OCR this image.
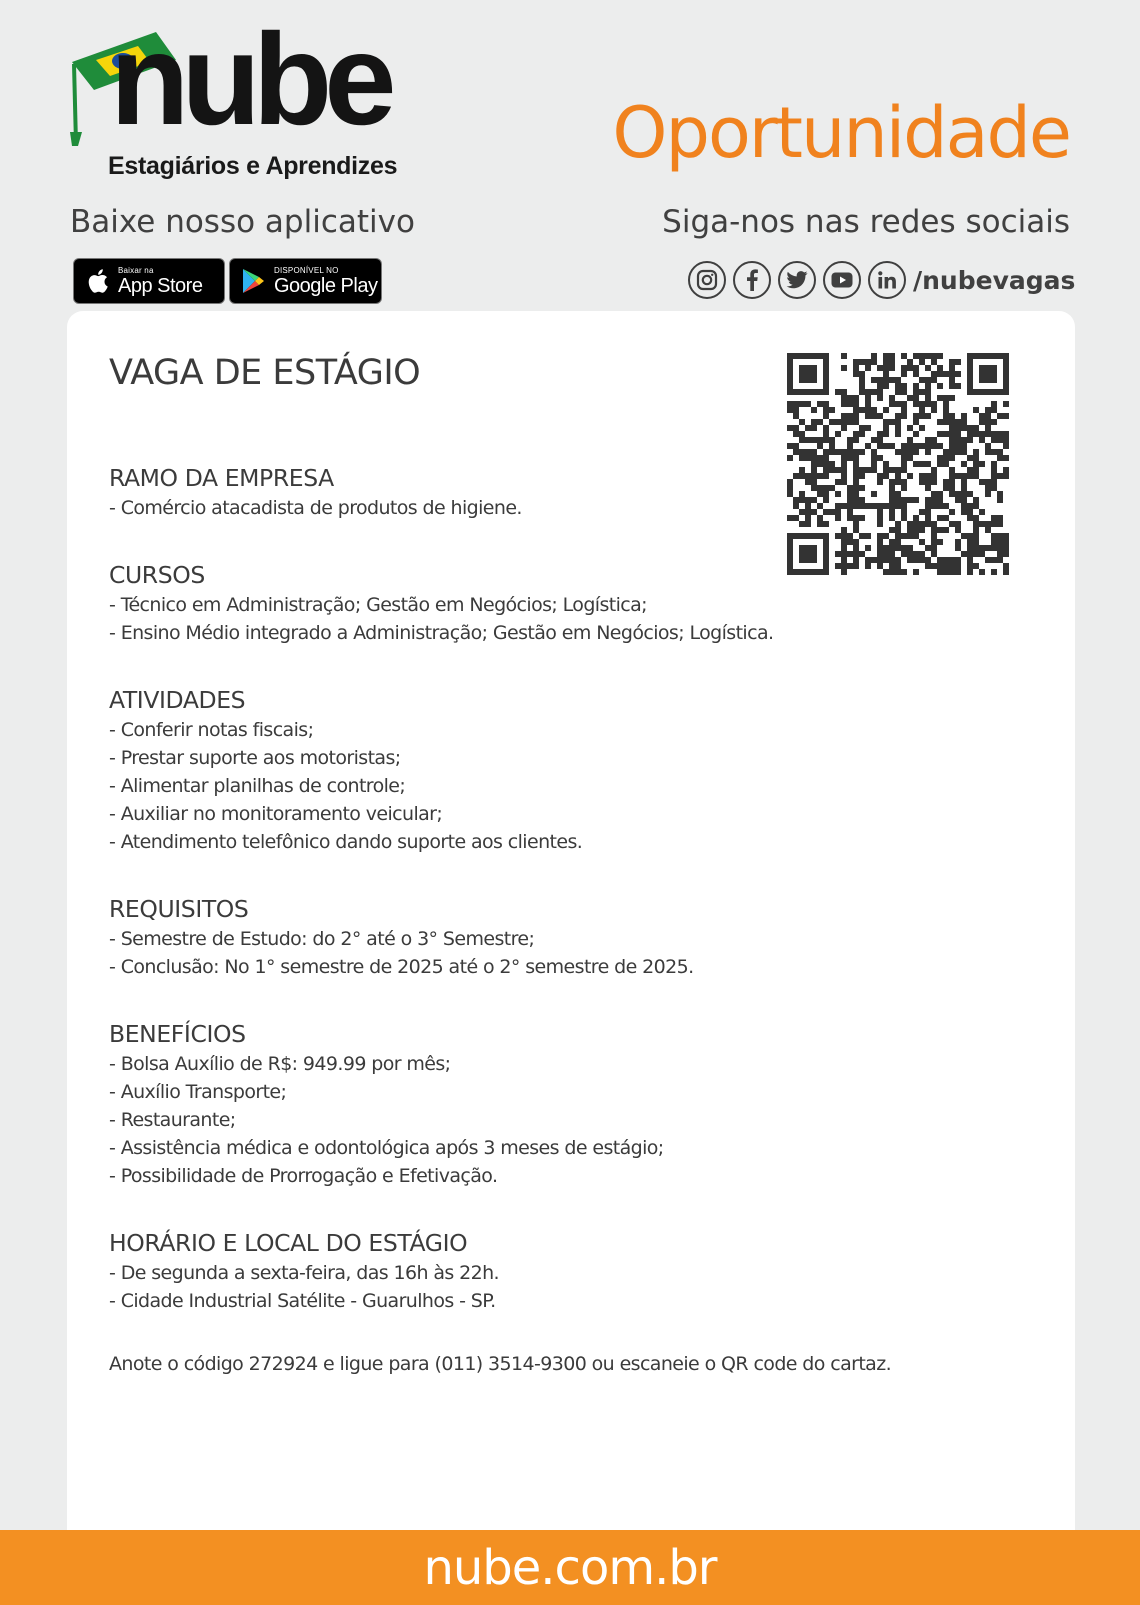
nube
Estagiários e Aprendizes	Oportunidade
Baixe nosso aplicativo	Siga-nos nas redes sociais
Baixar na
App Store
DISPONÍVEL NO
Google Play	/nubevagas
VAGA DE ESTÁGIO
RAMO DA EMPRESA
- Comércio atacadista de produtos de higiene.
CURSOS
- Técnico em Administração; Gestão em Negócios; Logística;
- Ensino Médio integrado a Administração; Gestão em Negócios; Logística.
ATIVIDADES
- Conferir notas fiscais;
- Prestar suporte aos motoristas;
- Alimentar planilhas de controle;
- Auxiliar no monitoramento veicular;
- Atendimento telefônico dando suporte aos clientes.
REQUISITOS
- Semestre de Estudo: do 2° até o 3° Semestre;
- Conclusão: No 1° semestre de 2025 até o 2° semestre de 2025.
BENEFÍCIOS
- Bolsa Auxílio de R$: 949.99 por mês;
- Auxílio Transporte;
- Restaurante;
- Assistência médica e odontológica após 3 meses de estágio;
- Possibilidade de Prorrogação e Efetivação.
HORÁRIO E LOCAL DO ESTÁGIO
- De segunda a sexta-feira, das 16h às 22h.
- Cidade Industrial Satélite - Guarulhos - SP.
Anote o código 272924 e ligue para (011) 3514-9300 ou escaneie o QR code do cartaz.
nube.com.br
